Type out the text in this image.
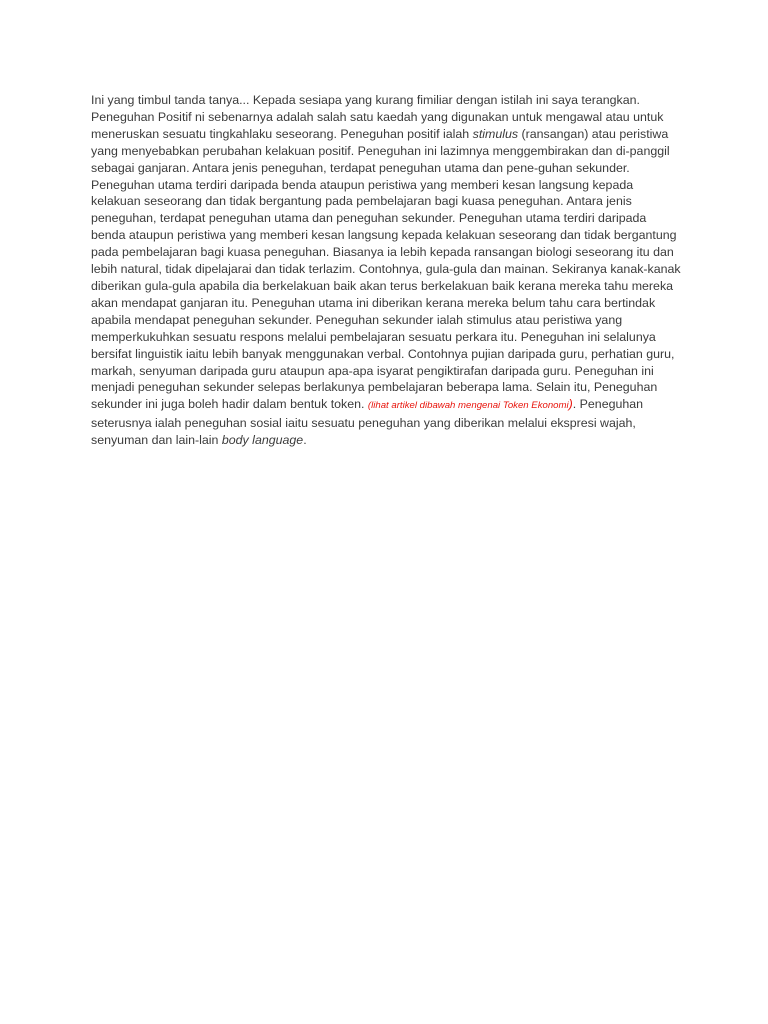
Ini yang timbul tanda tanya... Kepada sesiapa yang kurang fimiliar dengan istilah ini saya terangkan. Peneguhan Positif ni sebenarnya adalah salah satu kaedah yang digunakan untuk mengawal atau untuk meneruskan sesuatu tingkahlaku seseorang. Peneguhan positif ialah stimulus (ransangan) atau peristiwa yang menyebabkan perubahan kelakuan positif. Peneguhan ini lazimnya menggembirakan dan di-panggil sebagai ganjaran. Antara jenis peneguhan, terdapat peneguhan utama dan pene-guhan sekunder. Peneguhan utama terdiri daripada benda ataupun peristiwa yang memberi kesan langsung kepada kelakuan seseorang dan tidak bergantung pada pembelajaran bagi kuasa peneguhan. Antara jenis peneguhan, terdapat peneguhan utama dan peneguhan sekunder. Peneguhan utama terdiri daripada benda ataupun peristiwa yang memberi kesan langsung kepada kelakuan seseorang dan tidak bergantung pada pembelajaran bagi kuasa peneguhan. Biasanya ia lebih kepada ransangan biologi seseorang itu dan lebih natural, tidak dipelajarai dan tidak terlazim. Contohnya, gula-gula dan mainan. Sekiranya kanak-kanak diberikan gula-gula apabila dia berkelakuan baik akan terus berkelakuan baik kerana mereka tahu mereka akan mendapat ganjaran itu. Peneguhan utama ini diberikan kerana mereka belum tahu cara bertindak apabila mendapat peneguhan sekunder. Peneguhan sekunder ialah stimulus atau peristiwa yang memperkukuhkan sesuatu respons melalui pembelajaran sesuatu perkara itu. Peneguhan ini selalunya bersifat linguistik iaitu lebih banyak menggunakan verbal. Contohnya pujian daripada guru, perhatian guru, markah, senyuman daripada guru ataupun apa-apa isyarat pengiktirafan daripada guru. Peneguhan ini menjadi peneguhan sekunder selepas berlakunya pembelajaran beberapa lama. Selain itu, Peneguhan sekunder ini juga boleh hadir dalam bentuk token. (lihat artikel dibawah mengenai Token Ekonomi). Peneguhan seterusnya ialah peneguhan sosial iaitu sesuatu peneguhan yang diberikan melalui ekspresi wajah, senyuman dan lain-lain body language.
